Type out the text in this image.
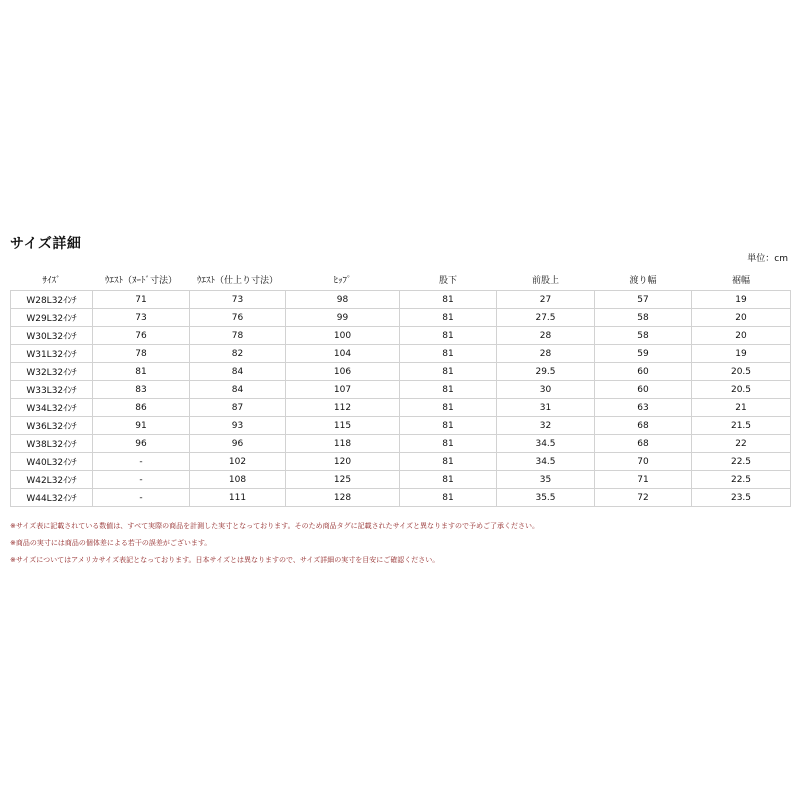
サイズ詳細
単位：cm
ｻｲｽﾞ	ｳｴｽﾄ（ﾇｰﾄﾞ寸法）	ｳｴｽﾄ（仕上り寸法）	ﾋｯﾌﾟ	股下	前股上	渡り幅	裾幅
W28L32ｲﾝﾁ	71	73	98	81	27	57	19
W29L32ｲﾝﾁ	73	76	99	81	27.5	58	20
W30L32ｲﾝﾁ	76	78	100	81	28	58	20
W31L32ｲﾝﾁ	78	82	104	81	28	59	19
W32L32ｲﾝﾁ	81	84	106	81	29.5	60	20.5
W33L32ｲﾝﾁ	83	84	107	81	30	60	20.5
W34L32ｲﾝﾁ	86	87	112	81	31	63	21
W36L32ｲﾝﾁ	91	93	115	81	32	68	21.5
W38L32ｲﾝﾁ	96	96	118	81	34.5	68	22
W40L32ｲﾝﾁ	-	102	120	81	34.5	70	22.5
W42L32ｲﾝﾁ	-	108	125	81	35	71	22.5
W44L32ｲﾝﾁ	-	111	128	81	35.5	72	23.5
※サイズ表に記載されている数値は、すべて実際の商品を計測した実寸となっております。そのため商品タグに記載されたサイズと異なりますので予めご了承ください。
※商品の実寸には商品の個体差による若干の誤差がございます。
※サイズについてはアメリカサイズ表記となっております。日本サイズとは異なりますので、サイズ詳細の実寸を目安にご確認ください。
